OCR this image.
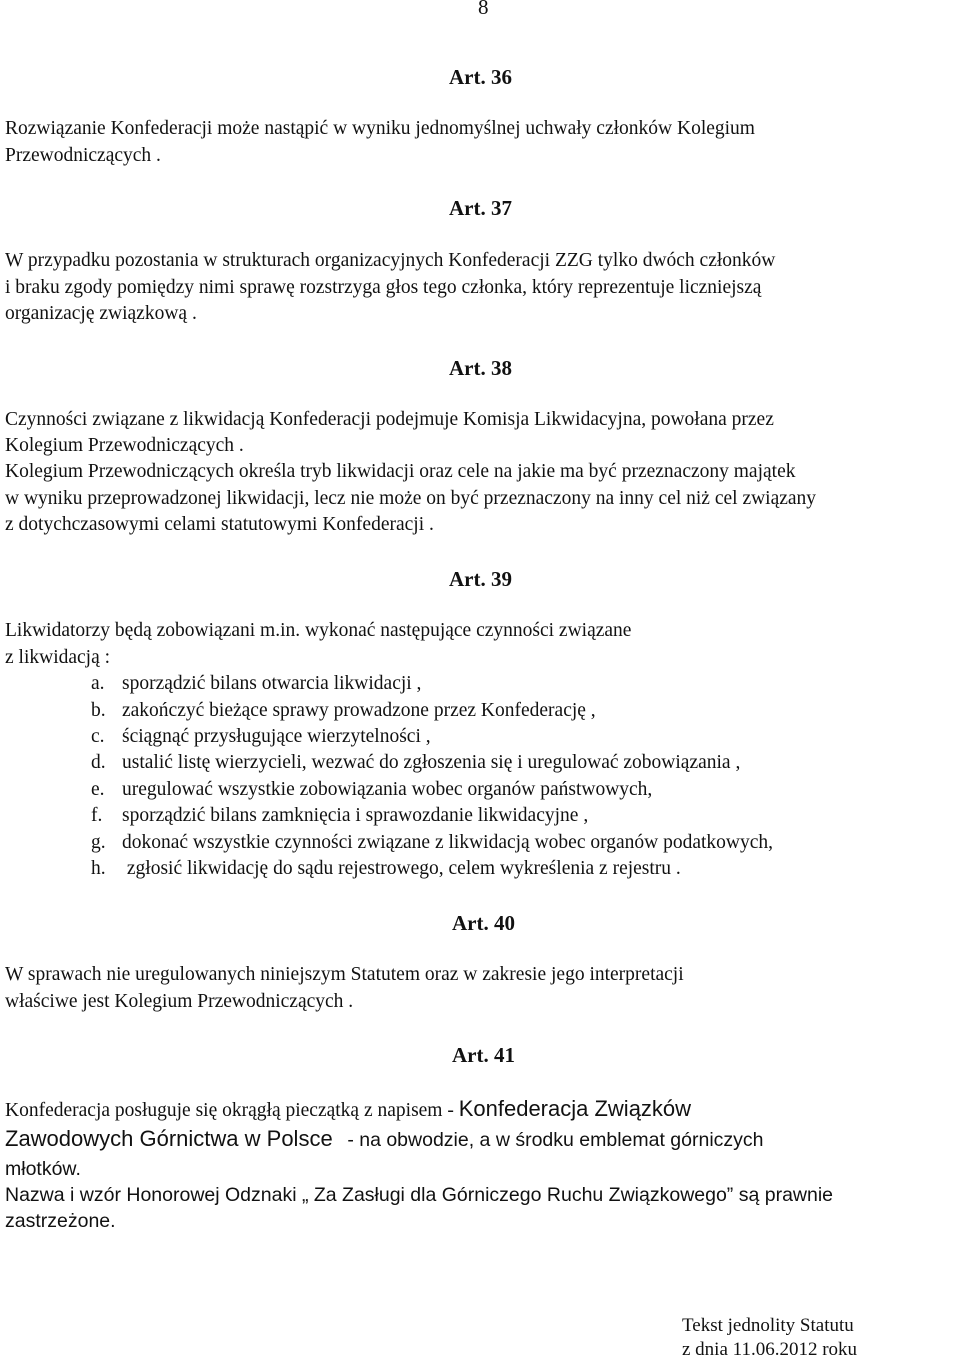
8
Art. 36
Rozwiązanie Konfederacji może nastąpić w wyniku jednomyślnej uchwały członków Kolegium
Przewodniczących .
Art. 37
W przypadku pozostania w strukturach organizacyjnych Konfederacji ZZG tylko dwóch członków
i braku zgody pomiędzy nimi sprawę rozstrzyga głos tego członka, który reprezentuje liczniejszą
organizację związkową .
Art. 38
Czynności związane z likwidacją Konfederacji podejmuje Komisja Likwidacyjna, powołana przez
Kolegium Przewodniczących .
Kolegium Przewodniczących określa tryb likwidacji oraz cele na jakie ma być przeznaczony majątek
w wyniku przeprowadzonej likwidacji, lecz nie może on być przeznaczony na inny cel niż cel związany
z dotychczasowymi celami statutowymi Konfederacji .
Art. 39
Likwidatorzy będą zobowiązani m.in. wykonać następujące czynności związane
z likwidacją :
a. sporządzić bilans otwarcia likwidacji ,
b. zakończyć bieżące sprawy prowadzone przez Konfederację ,
c. ściągnąć przysługujące wierzytelności ,
d. ustalić listę wierzycieli, wezwać do zgłoszenia się i uregulować zobowiązania ,
e. uregulować wszystkie zobowiązania wobec organów państwowych,
f. sporządzić bilans zamknięcia i sprawozdanie likwidacyjne ,
g. dokonać wszystkie czynności związane z likwidacją wobec organów podatkowych,
h. zgłosić likwidację do sądu rejestrowego, celem wykreślenia z rejestru .
Art. 40
W sprawach nie uregulowanych niniejszym Statutem oraz w zakresie jego interpretacji
właściwe jest Kolegium Przewodniczących .
Art. 41
Konfederacja posługuje się okrągłą pieczątką z napisem - Konfederacja Związków
Zawodowych Górnictwa w Polsce - na obwodzie, a w środku emblemat górniczych
młotków.
Nazwa i wzór Honorowej Odznaki „ Za Zasługi dla Górniczego Ruchu Związkowego” są prawnie
zastrzeżone.
Tekst jednolity Statutu
z dnia 11.06.2012 roku
